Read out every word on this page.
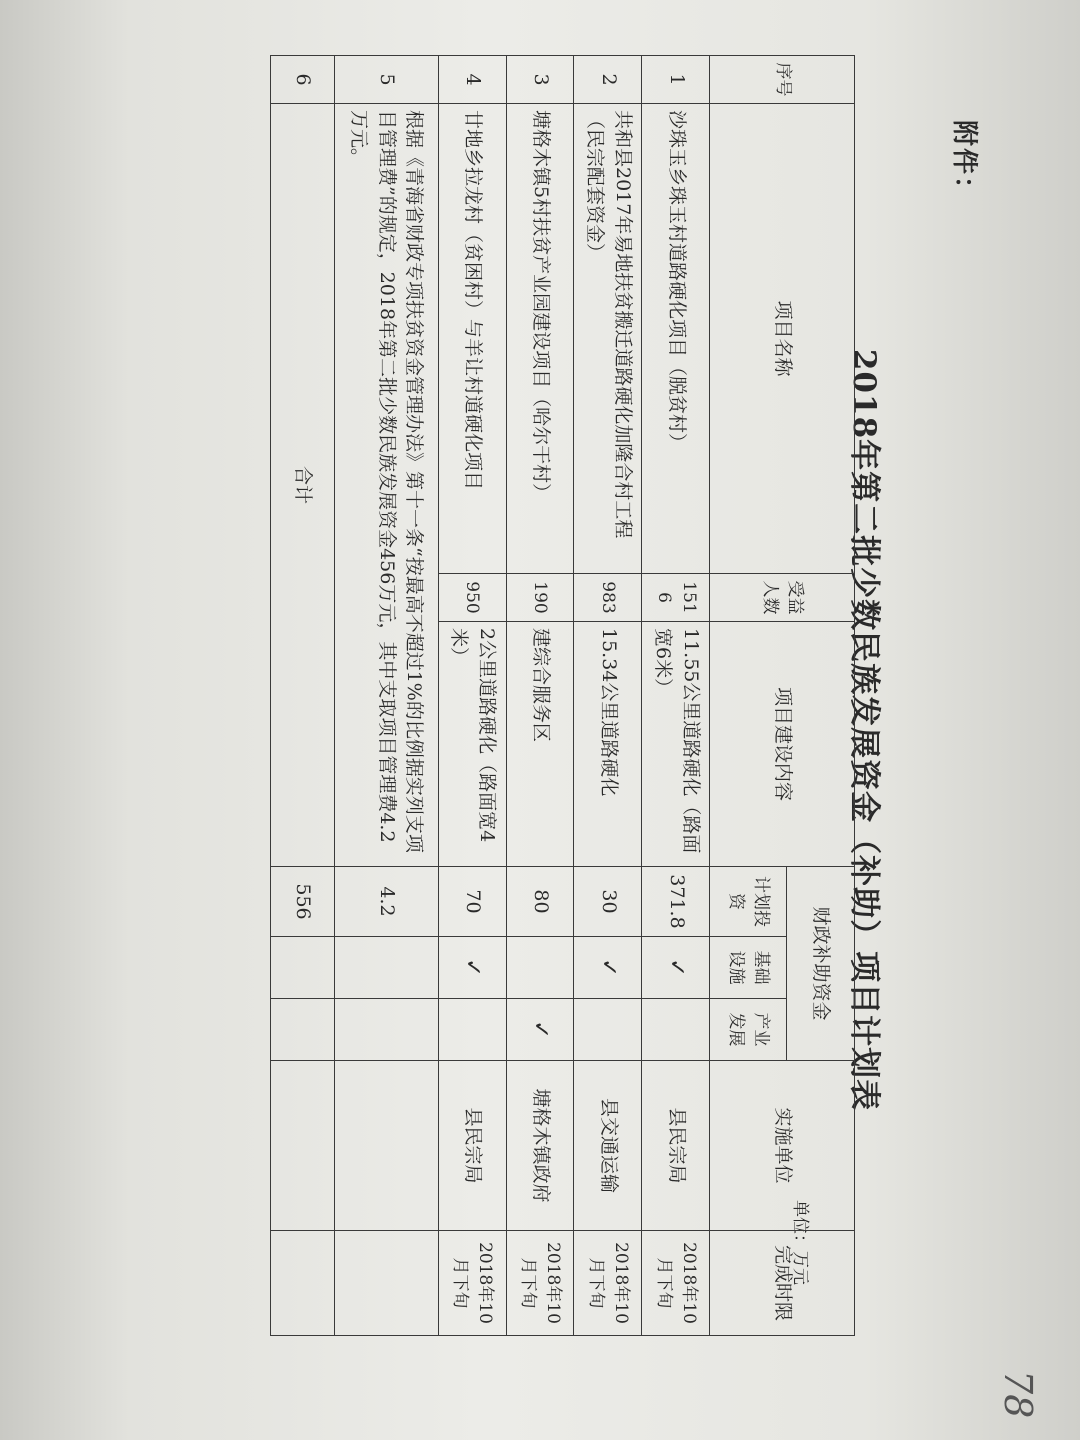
附件：
2018年第二批少数民族发展资金（补助）项目计划表
单位：万元
78
序号	项目名称	受益人数	项目建设内容	财政补助资金			实施单位	完成时限
				计划投资	基础设施	产业发展		
1	沙珠玉乡珠玉村道路硬化项目（脱贫村）	1516	11.55公里道路硬化（路面宽6米）	371.8	✓		县民宗局	2018年10月下旬
2	共和县2017年易地扶贫搬迁道路硬化加隆合村工程（民宗配套资金）	983	15.34公里道路硬化	30	✓		县交通运输	2018年10月下旬
3	塘格木镇5村扶贫产业园建设项目（哈尔干村）	190	建综合服务区	80		✓	塘格木镇政府	2018年10月下旬
4	廿地乡拉龙村（贫困村）与羊让村道硬化项目	950	2公里道路硬化（路面宽4米）	70	✓		县民宗局	2018年10月下旬
5	根据《青海省财政专项扶贫资金管理办法》第十一条“按最高不超过1%的比例据实列支项目管理费”的规定，2018年第二批少数民族发展资金456万元，其中支取项目管理费4.2万元。			4.2				
6	合计			556				
